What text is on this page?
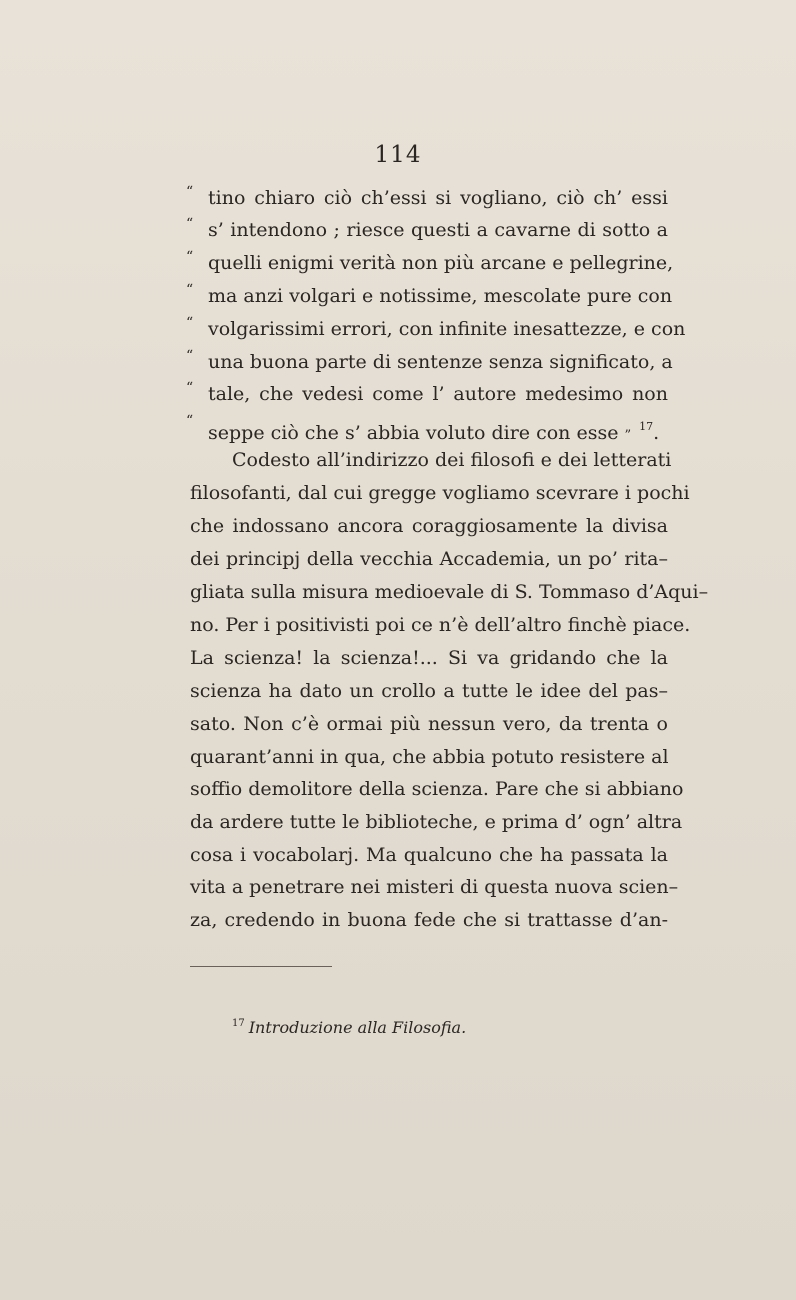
114
“ tino chiaro ciò ch’essi si vogliano, ciò ch’ essi
“ s’ intendono ; riesce questi a cavarne di sotto a
“ quelli enigmi verità non più arcane e pellegrine,
“ ma anzi volgari e notissime, mescolate pure con
“ volgarissimi errori, con infinite inesattezze, e con
“ una buona parte di sentenze senza significato, a
“ tale, che vedesi come l’ autore medesimo non
“
seppe ciò che s’ abbia voluto dire con esse ”$^{17}$.
Codesto all’indirizzo dei filosofi e dei letterati
filosofanti, dal cui gregge vogliamo scevrare i pochi
che indossano ancora coraggiosamente la divisa
dei principj della vecchia Accademia, un po’ rita–
gliata sulla misura medioevale di S. Tommaso d’Aqui–
no. Per i positivisti poi ce n’è dell’altro finchè piace.
La scienza! la scienza!... Si va gridando che la
scienza ha dato un crollo a tutte le idee del pas–
sato. Non c’è ormai più nessun vero, da trenta o
quarant’anni in qua, che abbia potuto resistere al
soffio demolitore della scienza. Pare che si abbiano
da ardere tutte le biblioteche, e prima d’ ogn’ altra
cosa i vocabolarj. Ma qualcuno che ha passata la
vita a penetrare nei misteri di questa nuova scien–
za, credendo in buona fede che si trattasse d’an-
$^{17}$ Introduzione alla Filosofia.
